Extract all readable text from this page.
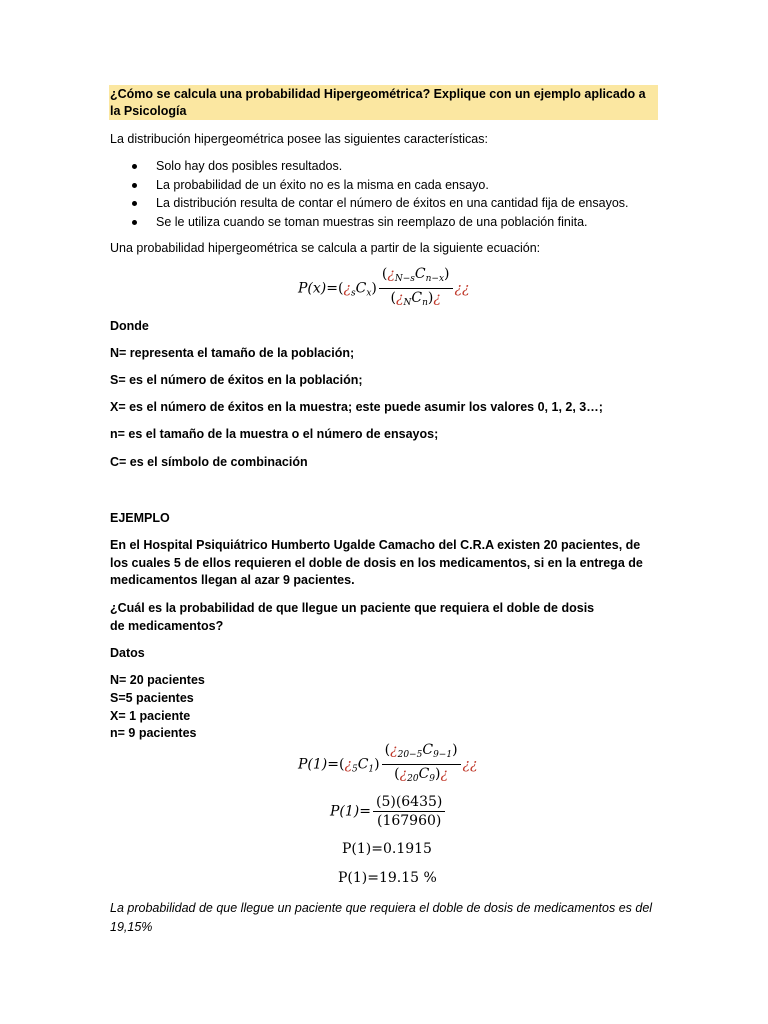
¿Cómo se calcula una probabilidad Hipergeométrica? Explique con un ejemplo aplicado a la Psicología
La distribución hipergeométrica posee las siguientes características:
Solo hay dos posibles resultados.
La probabilidad de un éxito no es la misma en cada ensayo.
La distribución resulta de contar el número de éxitos en una cantidad fija de ensayos.
Se le utiliza cuando se toman muestras sin reemplazo de una población finita.
Una probabilidad hipergeométrica se calcula a partir de la siguiente ecuación:
$P(x)=(¿_sC_x) \frac{(¿_{N-s}C_{n-x})}{(¿_NC_n)¿}$ ¿¿
Donde
N= representa el tamaño de la población;
S= es el número de éxitos en la población;
X= es el número de éxitos en la muestra; este puede asumir los valores 0, 1, 2, 3…;
n= es el tamaño de la muestra o el número de ensayos;
C= es el símbolo de combinación
EJEMPLO
En el Hospital Psiquiátrico Humberto Ugalde Camacho del C.R.A existen 20 pacientes, de los cuales 5 de ellos requieren el doble de dosis en los medicamentos, si en la entrega de medicamentos llegan al azar 9 pacientes.
¿Cuál es la probabilidad de que llegue un paciente que requiera el doble de dosis de medicamentos?
Datos
N= 20 pacientes
S=5 pacientes
X= 1 paciente
n= 9 pacientes
$P(1)=(¿_5C_1) \frac{(¿_{20-5}C_{9-1})}{(¿_{20}C_9)¿}$ ¿¿
$P(1)= \frac{(5)(6435)}{(167960)}$
P(1)=0.1915
P(1)=19.15 %
La probabilidad de que llegue un paciente que requiera el doble de dosis de medicamentos es del 19,15%
